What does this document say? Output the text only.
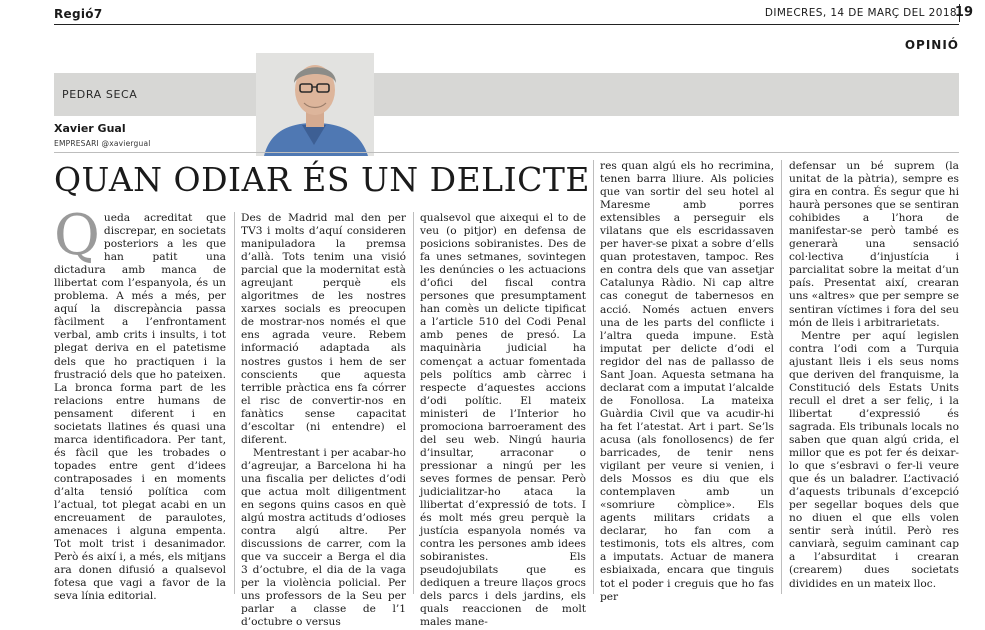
Regió7	DIMECRES, 14 DE MARÇ DEL 2018
19
OPINIÓ
PEDRA SECA
Xavier Gual
EMPRESARI @xaviergual
QUAN ODIAR ÉS UN DELICTE

Queda acreditat que discrepar, en societats posteriors a les que han patit una dictadura amb manca de llibertat com l’espanyola, és un problema. A més a més, per aquí la discrepància passa fàcilment a l’enfrontament verbal, amb crits i insults, i tot plegat deriva en el patetisme dels que ho practiquen i la frustració dels que ho pateixen. La bronca forma part de les relacions entre humans de pensament diferent i en societats llatines és quasi una marca identificadora. Per tant, és fàcil que les trobades o topades entre gent d’idees contraposades i en moments d’alta tensió política com l’actual, tot plegat acabi en un encreuament de paraulotes, amenaces i alguna empenta. Tot molt trist i desanimador. Però és així i, a més, els mitjans ara donen difusió a qualsevol fotesa que vagi a favor de la seva línia editorial.

Des de Madrid mal den per TV3 i molts d’aquí consideren manipuladora la premsa d’allà. Tots tenim una visió parcial que la modernitat està agreujant perquè els algoritmes de les nostres xarxes socials es preocupen de mostrar-nos només el que ens agrada veure. Rebem informació adaptada als nostres gustos i hem de ser conscients que aquesta terrible pràctica ens fa córrer el risc de convertir-nos en fanàtics sense capacitat d’escoltar (ni entendre) el diferent.

Mentrestant i per acabar-ho d’agreujar, a Barcelona hi ha una fiscalia per delictes d’odi que actua molt diligentment en segons quins casos en què algú mostra actituds d’odioses contra algú altre. Per discussions de carrer, com la que va succeir a Berga el dia 3 d’octubre, el dia de la vaga per la violència policial. Per uns professors de la Seu per parlar a classe de l’1 d’octubre o versus

qualsevol que aixequi el to de veu (o pitjor) en defensa de posicions sobiranistes. Des de fa unes setmanes, sovintegen les denúncies o les actuacions d’ofici del fiscal contra persones que presumptament han comès un delicte tipificat a l’article 510 del Codi Penal amb penes de presó. La maquinària judicial ha començat a actuar fomentada pels polítics amb càrrec i respecte d’aquestes accions d’odi polític. El mateix ministeri de l’Interior ho promociona barroerament des del seu web. Ningú hauria d’insultar, arraconar o pressionar a ningú per les seves formes de pensar. Però judicialitzar-ho ataca la llibertat d’expressió de tots. I és molt més greu perquè la justícia espanyola només va contra les persones amb idees sobiranistes. Els pseudojubilats que es dediquen a treure llaços grocs dels parcs i dels jardins, els quals reaccionen de molt males mane-

res quan algú els ho recrimina, tenen barra lliure. Als policies que van sortir del seu hotel al Maresme amb porres extensibles a perseguir els vilatans que els escridassaven per haver-se pixat a sobre d’ells quan protestaven, tampoc. Res en contra dels que van assetjar Catalunya Ràdio. Ni cap altre cas conegut de tabernesos en acció. Només actuen envers una de les parts del conflicte i l’altra queda impune. Està imputat per delicte d’odi el regidor del nas de pallasso de Sant Joan. Aquesta setmana ha declarat com a imputat l’alcalde de Fonollosa. La mateixa Guàrdia Civil que va acudir-hi ha fet l’atestat. Art i part. Se’ls acusa (als fonollosencs) de fer barricades, de tenir nens vigilant per veure si venien, i dels Mossos es diu que els contemplaven amb un «somriure còmplice». Els agents militars cridats a declarar, ho fan com a testimonis, tots els altres, com a imputats. Actuar de manera esbiaixada, encara que tinguis tot el poder i creguis que ho fas per

defensar un bé suprem (la unitat de la pàtria), sempre es gira en contra. És segur que hi haurà persones que se sentiran cohibides a l’hora de manifestar-se però també es generarà una sensació col·lectiva d’injustícia i parcialitat sobre la meitat d’un país. Presentat així, crearan uns «altres» que per sempre se sentiran víctimes i fora del seu món de lleis i arbitrarietats.

Mentre per aquí legislen contra l’odi com a Turquia ajustant lleis i els seus noms que deriven del franquisme, la Constitució dels Estats Units recull el dret a ser feliç, i la llibertat d’expressió és sagrada. Els tribunals locals no saben que quan algú crida, el millor que es pot fer és deixar-lo que s’esbravi o fer-li veure que és un baladrer. L’activació d’aquests tribunals d’excepció per segellar boques dels que no diuen el que ells volen sentir serà inútil. Però res canviarà, seguim caminant cap a l’absurditat i crearan (crearem) dues societats dividides en un mateix lloc.
